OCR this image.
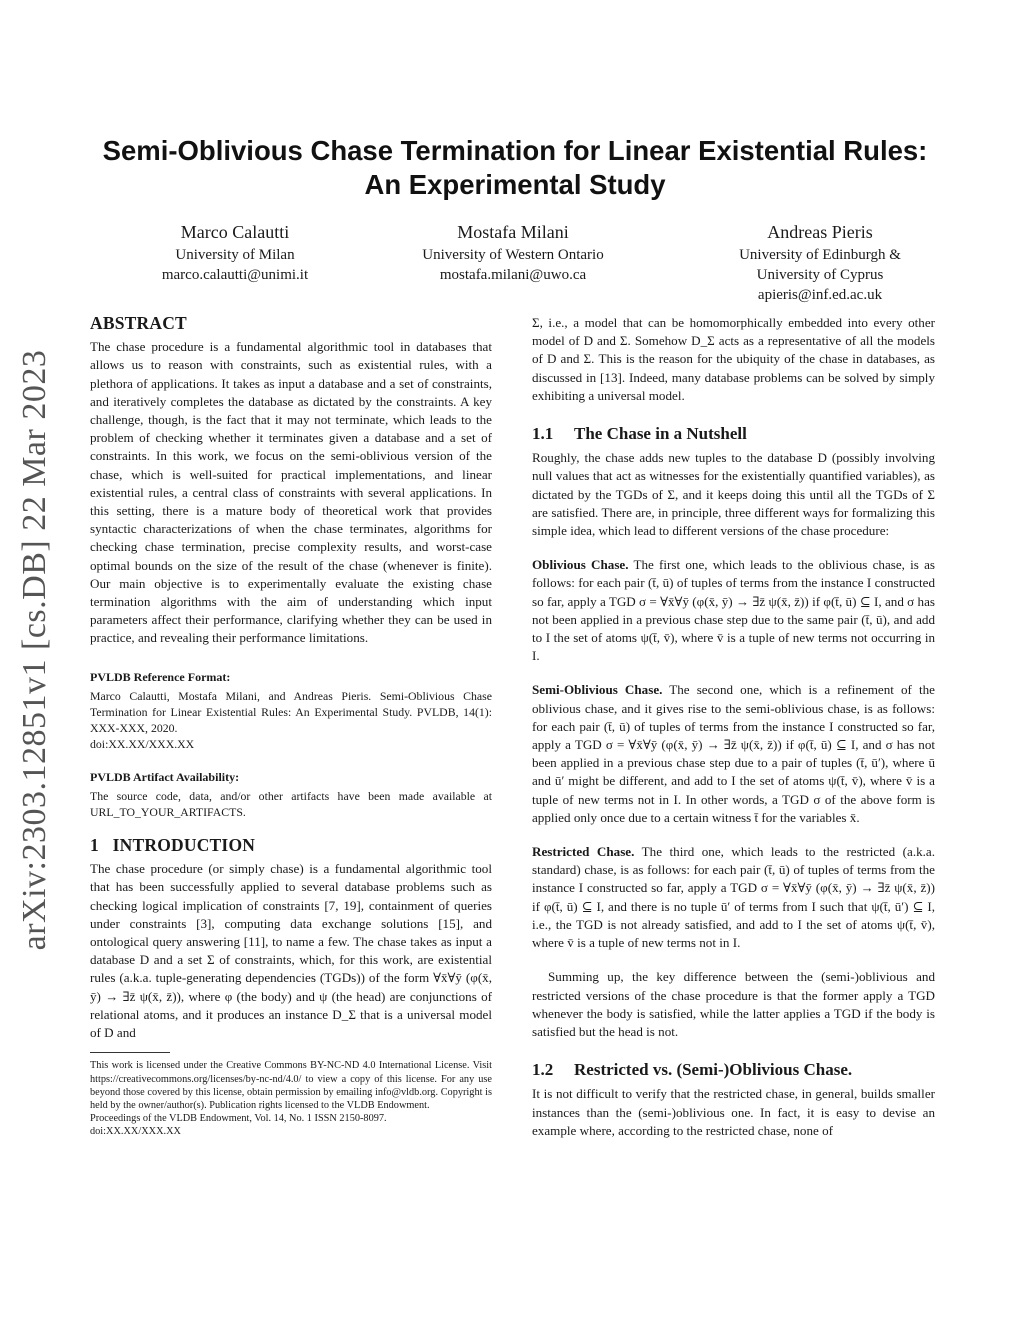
arXiv:2303.12851v1 [cs.DB] 22 Mar 2023
Semi-Oblivious Chase Termination for Linear Existential Rules: An Experimental Study
Marco Calautti
University of Milan
marco.calautti@unimi.it
Mostafa Milani
University of Western Ontario
mostafa.milani@uwo.ca
Andreas Pieris
University of Edinburgh &
University of Cyprus
apieris@inf.ed.ac.uk
ABSTRACT

The chase procedure is a fundamental algorithmic tool in databases that allows us to reason with constraints, such as existential rules, with a plethora of applications. It takes as input a database and a set of constraints, and iteratively completes the database as dictated by the constraints. A key challenge, though, is the fact that it may not terminate, which leads to the problem of checking whether it terminates given a database and a set of constraints. In this work, we focus on the semi-oblivious version of the chase, which is well-suited for practical implementations, and linear existential rules, a central class of constraints with several applications. In this setting, there is a mature body of theoretical work that provides syntactic characterizations of when the chase terminates, algorithms for checking chase termination, precise complexity results, and worst-case optimal bounds on the size of the result of the chase (whenever is finite). Our main objective is to experimentally evaluate the existing chase termination algorithms with the aim of understanding which input parameters affect their performance, clarifying whether they can be used in practice, and revealing their performance limitations.

PVLDB Reference Format:

Marco Calautti, Mostafa Milani, and Andreas Pieris. Semi-Oblivious Chase Termination for Linear Existential Rules: An Experimental Study. PVLDB, 14(1): XXX-XXX, 2020.

doi:XX.XX/XXX.XX

PVLDB Artifact Availability:

The source code, data, and/or other artifacts have been made available at URL_TO_YOUR_ARTIFACTS.

1   INTRODUCTION

The chase procedure (or simply chase) is a fundamental algorithmic tool that has been successfully applied to several database problems such as checking logical implication of constraints [7, 19], containment of queries under constraints [3], computing data exchange solutions [15], and ontological query answering [11], to name a few. The chase takes as input a database D and a set Σ of constraints, which, for this work, are existential rules (a.k.a. tuple-generating dependencies (TGDs)) of the form ∀x̄∀ȳ (φ(x̄, ȳ) → ∃z̄ ψ(x̄, z̄)), where φ (the body) and ψ (the head) are conjunctions of relational atoms, and it produces an instance D_Σ that is a universal model of D and

This work is licensed under the Creative Commons BY-NC-ND 4.0 International License. Visit https://creativecommons.org/licenses/by-nc-nd/4.0/ to view a copy of this license. For any use beyond those covered by this license, obtain permission by emailing info@vldb.org. Copyright is held by the owner/author(s). Publication rights licensed to the VLDB Endowment.

Proceedings of the VLDB Endowment, Vol. 14, No. 1 ISSN 2150-8097.

doi:XX.XX/XXX.XX

Σ, i.e., a model that can be homomorphically embedded into every other model of D and Σ. Somehow D_Σ acts as a representative of all the models of D and Σ. This is the reason for the ubiquity of the chase in databases, as discussed in [13]. Indeed, many database problems can be solved by simply exhibiting a universal model.

1.1 The Chase in a Nutshell

Roughly, the chase adds new tuples to the database D (possibly involving null values that act as witnesses for the existentially quantified variables), as dictated by the TGDs of Σ, and it keeps doing this until all the TGDs of Σ are satisfied. There are, in principle, three different ways for formalizing this simple idea, which lead to different versions of the chase procedure:

Oblivious Chase. The first one, which leads to the oblivious chase, is as follows: for each pair (t̄, ū) of tuples of terms from the instance I constructed so far, apply a TGD σ = ∀x̄∀ȳ (φ(x̄, ȳ) → ∃z̄ ψ(x̄, z̄)) if φ(t̄, ū) ⊆ I, and σ has not been applied in a previous chase step due to the same pair (t̄, ū), and add to I the set of atoms ψ(t̄, v̄), where v̄ is a tuple of new terms not occurring in I.

Semi-Oblivious Chase. The second one, which is a refinement of the oblivious chase, and it gives rise to the semi-oblivious chase, is as follows: for each pair (t̄, ū) of tuples of terms from the instance I constructed so far, apply a TGD σ = ∀x̄∀ȳ (φ(x̄, ȳ) → ∃z̄ ψ(x̄, z̄)) if φ(t̄, ū) ⊆ I, and σ has not been applied in a previous chase step due to a pair of tuples (t̄, ū′), where ū and ū′ might be different, and add to I the set of atoms ψ(t̄, v̄), where v̄ is a tuple of new terms not in I. In other words, a TGD σ of the above form is applied only once due to a certain witness t̄ for the variables x̄.

Restricted Chase. The third one, which leads to the restricted (a.k.a. standard) chase, is as follows: for each pair (t̄, ū) of tuples of terms from the instance I constructed so far, apply a TGD σ = ∀x̄∀ȳ (φ(x̄, ȳ) → ∃z̄ ψ(x̄, z̄)) if φ(t̄, ū) ⊆ I, and there is no tuple ū′ of terms from I such that ψ(t̄, ū′) ⊆ I, i.e., the TGD is not already satisfied, and add to I the set of atoms ψ(t̄, v̄), where v̄ is a tuple of new terms not in I.

Summing up, the key difference between the (semi-)oblivious and restricted versions of the chase procedure is that the former apply a TGD whenever the body is satisfied, while the latter applies a TGD if the body is satisfied but the head is not.

1.2 Restricted vs. (Semi-)Oblivious Chase.

It is not difficult to verify that the restricted chase, in general, builds smaller instances than the (semi-)oblivious one. In fact, it is easy to devise an example where, according to the restricted chase, none of
